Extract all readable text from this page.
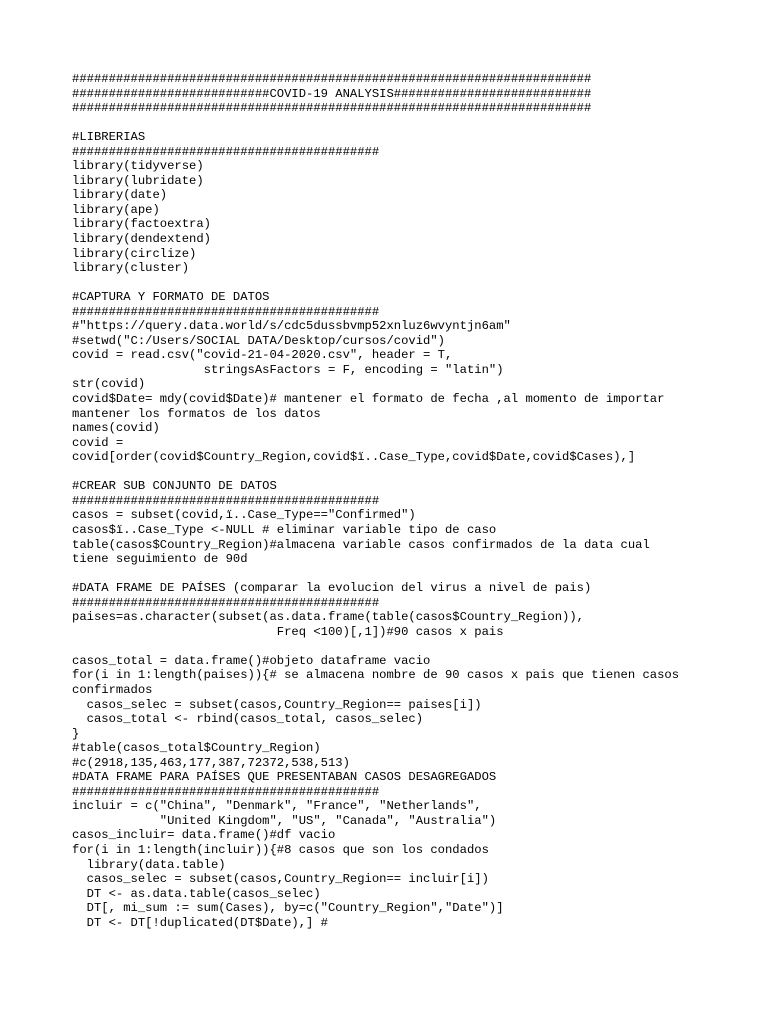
#######################################################################
###########################COVID-19 ANALYSIS###########################
#######################################################################
#LIBRERIAS
##########################################
library(tidyverse)
library(lubridate)
library(date)
library(ape)
library(factoextra)
library(dendextend)
library(circlize)
library(cluster)
#CAPTURA Y FORMATO DE DATOS
##########################################
#"https://query.data.world/s/cdc5dussbvmp52xnluz6wvyntjn6am"
#setwd("C:/Users/SOCIAL DATA/Desktop/cursos/covid")
covid = read.csv("covid-21-04-2020.csv", header = T,
stringsAsFactors = F, encoding = "latin")
str(covid)
covid$Date= mdy(covid$Date)# mantener el formato de fecha ,al momento de importar
mantener los formatos de los datos
names(covid)
covid =
covid[order(covid$Country_Region,covid$ï..Case_Type,covid$Date,covid$Cases),]
#CREAR SUB CONJUNTO DE DATOS
##########################################
casos = subset(covid,ï..Case_Type=="Confirmed")
casos$ï..Case_Type <-NULL # eliminar variable tipo de caso
table(casos$Country_Region)#almacena variable casos confirmados de la data cual
tiene seguimiento de 90d
#DATA FRAME DE PAÍSES (comparar la evolucion del virus a nivel de pais)
##########################################
paises=as.character(subset(as.data.frame(table(casos$Country_Region)),
Freq <100)[,1])#90 casos x pais
casos_total = data.frame()#objeto dataframe vacio
for(i in 1:length(paises)){# se almacena nombre de 90 casos x pais que tienen casos
confirmados
casos_selec = subset(casos,Country_Region== paises[i])
casos_total <- rbind(casos_total, casos_selec)
}
#table(casos_total$Country_Region)
#c(2918,135,463,177,387,72372,538,513)
#DATA FRAME PARA PAÍSES QUE PRESENTABAN CASOS DESAGREGADOS
##########################################
incluir = c("China", "Denmark", "France", "Netherlands",
"United Kingdom", "US", "Canada", "Australia")
casos_incluir= data.frame()#df vacio
for(i in 1:length(incluir)){#8 casos que son los condados
library(data.table)
casos_selec = subset(casos,Country_Region== incluir[i])
DT <- as.data.table(casos_selec)
DT[, mi_sum := sum(Cases), by=c("Country_Region","Date")]
DT <- DT[!duplicated(DT$Date),] #
